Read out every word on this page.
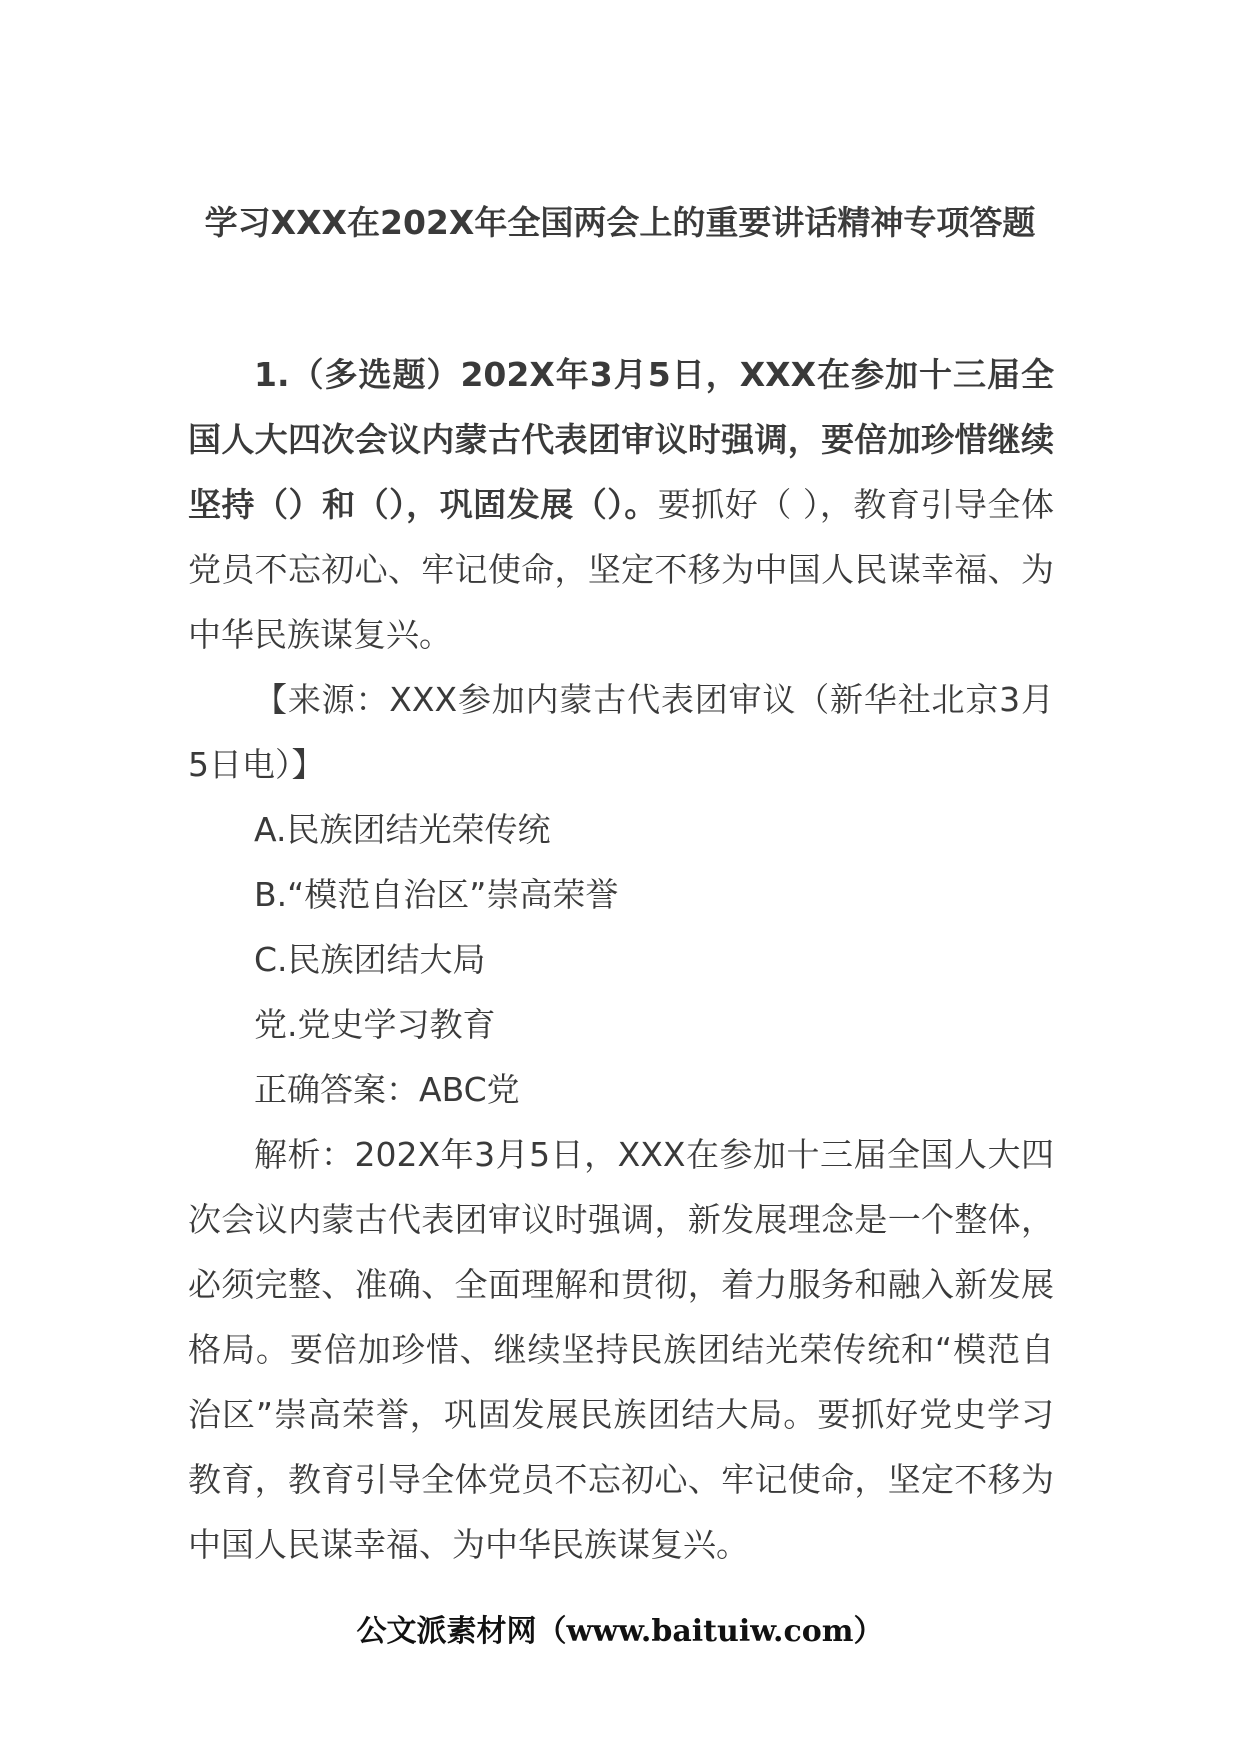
学习XXX在202X年全国两会上的重要讲话精神专项答题

1.（多选题）202X年3月5日，XXX在参加十三届全国人大四次会议内蒙古代表团审议时强调，要倍加珍惜继续坚持（）和（），巩固发展（）。要抓好（ ），教育引导全体党员不忘初心、牢记使命，坚定不移为中国人民谋幸福、为中华民族谋复兴。

【来源：XXX参加内蒙古代表团审议（新华社北京3月5日电）】

A.民族团结光荣传统

B.“模范自治区”崇高荣誉

C.民族团结大局

党.党史学习教育

正确答案：ABC党

解析：202X年3月5日，XXX在参加十三届全国人大四次会议内蒙古代表团审议时强调，新发展理念是一个整体，必须完整、准确、全面理解和贯彻，着力服务和融入新发展格局。要倍加珍惜、继续坚持民族团结光荣传统和“模范自治区”崇高荣誉，巩固发展民族团结大局。要抓好党史学习教育，教育引导全体党员不忘初心、牢记使命，坚定不移为中国人民谋幸福、为中华民族谋复兴。

公文派素材网（www.baituiw.com）
